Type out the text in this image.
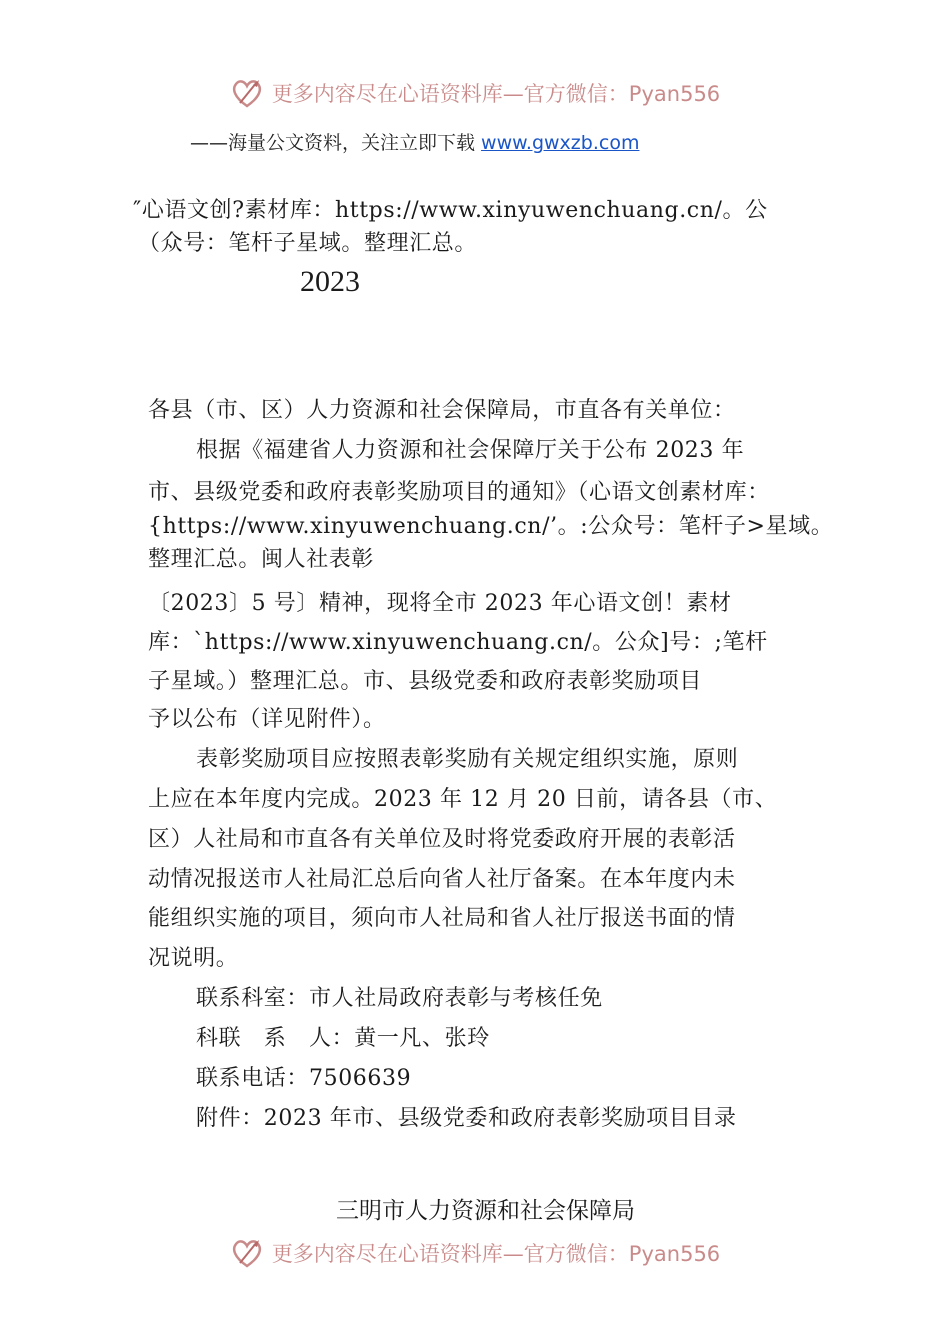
更多内容尽在心语资料库—官方微信：Pyan556
——海量公文资料，关注立即下载 www.gwxzb.com
″心语文创?素材库：https://www.xinyuwenchuang.cn/。公
（众号：笔杆子星域。整理汇总。
2023
各县（市、区）人力资源和社会保障局，市直各有关单位：
根据《福建省人力资源和社会保障厅关于公布 2023 年
市、县级党委和政府表彰奖励项目的通知》（心语文创素材库：
{https://www.xinyuwenchuang.cn/’。:公众号：笔杆子>星域。
整理汇总。闽人社表彰
〔2023〕5 号〕精神，现将全市 2023 年心语文创！素材
库：`https://www.xinyuwenchuang.cn/。公众]号：;笔杆
子星域。）整理汇总。市、县级党委和政府表彰奖励项目
予以公布（详见附件）。
表彰奖励项目应按照表彰奖励有关规定组织实施，原则
上应在本年度内完成。2023 年 12 月 20 日前，请各县（市、
区）人社局和市直各有关单位及时将党委政府开展的表彰活
动情况报送市人社局汇总后向省人社厅备案。在本年度内未
能组织实施的项目，须向市人社局和省人社厅报送书面的情
况说明。
联系科室：市人社局政府表彰与考核任免
科联　系　人：黄一凡、张玲
联系电话：7506639
附件：2023 年市、县级党委和政府表彰奖励项目目录
三明市人力资源和社会保障局
更多内容尽在心语资料库—官方微信：Pyan556
